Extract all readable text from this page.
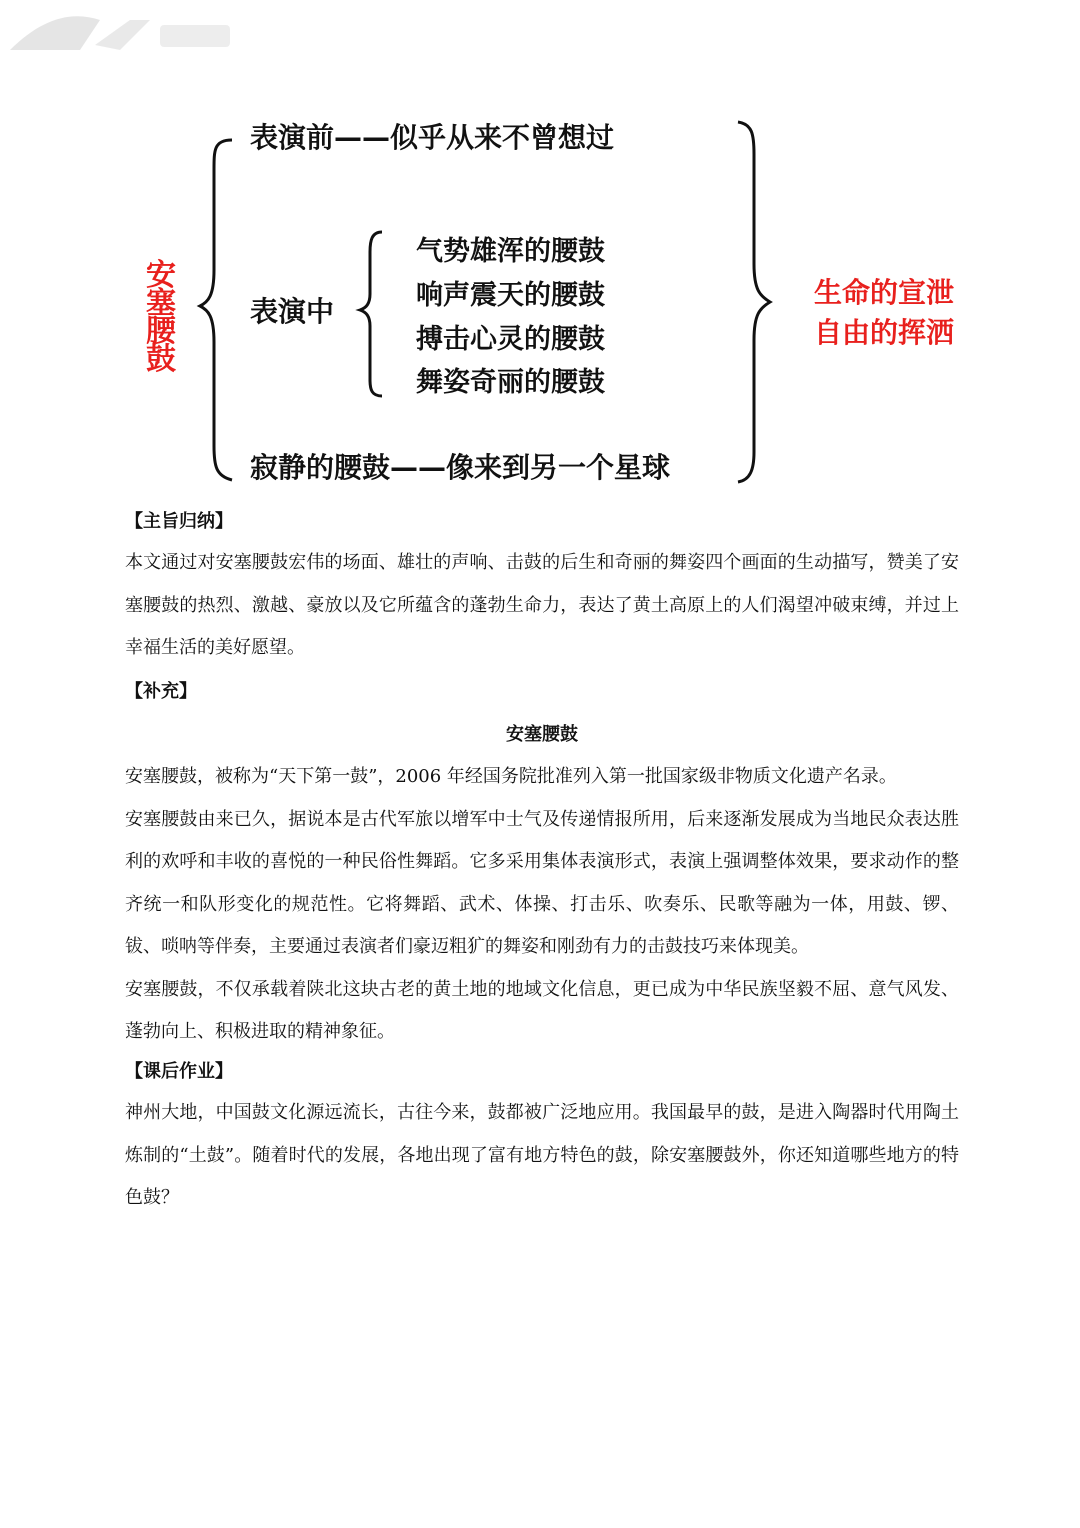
安塞腰鼓
表演前——似乎从来不曾想过
表演中
气势雄浑的腰鼓
响声震天的腰鼓
搏击心灵的腰鼓
舞姿奇丽的腰鼓
寂静的腰鼓——像来到另一个星球
生命的宣泄
自由的挥洒
【主旨归纳】

本文通过对安塞腰鼓宏伟的场面、雄壮的声响、击鼓的后生和奇丽的舞姿四个画面的生动描写，赞美了安塞腰鼓的热烈、激越、豪放以及它所蕴含的蓬勃生命力，表达了黄土高原上的人们渴望冲破束缚，并过上幸福生活的美好愿望。

【补充】
安塞腰鼓

安塞腰鼓，被称为“天下第一鼓”，2006 年经国务院批准列入第一批国家级非物质文化遗产名录。

安塞腰鼓由来已久，据说本是古代军旅以增军中士气及传递情报所用，后来逐渐发展成为当地民众表达胜利的欢呼和丰收的喜悦的一种民俗性舞蹈。它多采用集体表演形式，表演上强调整体效果，要求动作的整齐统一和队形变化的规范性。它将舞蹈、武术、体操、打击乐、吹奏乐、民歌等融为一体，用鼓、锣、钹、唢呐等伴奏，主要通过表演者们豪迈粗犷的舞姿和刚劲有力的击鼓技巧来体现美。

安塞腰鼓，不仅承载着陕北这块古老的黄土地的地域文化信息，更已成为中华民族坚毅不屈、意气风发、蓬勃向上、积极进取的精神象征。

【课后作业】

神州大地，中国鼓文化源远流长，古往今来，鼓都被广泛地应用。我国最早的鼓，是进入陶器时代用陶土炼制的“土鼓”。随着时代的发展，各地出现了富有地方特色的鼓，除安塞腰鼓外，你还知道哪些地方的特色鼓？
